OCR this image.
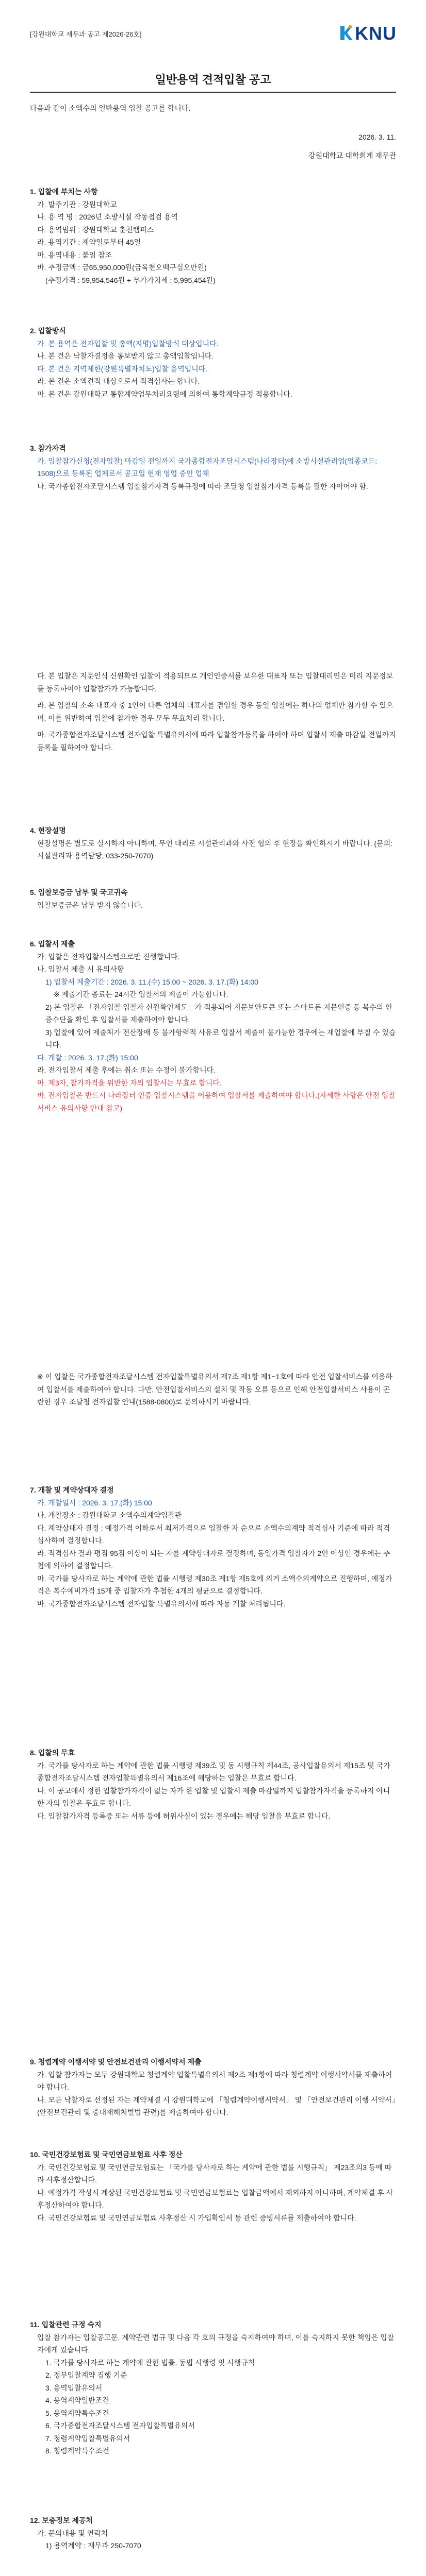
[강원대학교 재무과 공고 제2026-26호]	KNU
일반용역 견적입찰 공고
다음과 같이 소액수의 일반용역 입찰 공고를 합니다.
2026. 3. 11.
강원대학교 대학회계 재무관
1. 입찰에 부치는 사항

가. 발주기관 : 강원대학교

나. 용 역 명 : 2026년 소방시설 작동점검 용역

다. 용역범위 : 강원대학교 춘천캠퍼스

라. 용역기간 : 계약일로부터 45일

마. 용역내용 : 붙임 참조

바. 추정금액 : 금65,950,000원(금육천오백구십오만원)

(추정가격 : 59,954,546원 + 부가가치세 : 5,995,454원)

2. 입찰방식

가. 본 용역은 전자입찰 및 총액(지명)입찰방식 대상입니다.

나. 본 건은 낙찰자결정을 통보받지 않고 총액입찰입니다.

다. 본 건은 지역제한(강원특별자치도)입찰 용역입니다.

라. 본 건은 소액견적 대상으로서 적격심사는 합니다.

마. 본 건은 강원대학교 통합계약업무처리요령에 의하여 통합계약규정 적용합니다.

3. 참가자격

가. 입찰참가신청(전자입찰) 마감일 전일까지 국가종합전자조달시스템(나라장터)에 소방시설관리업(업종코드: 1508)으로 등록된 업체로서 공고일 현재 영업 중인 업체

나. 국가종합전자조달시스템 입찰참가자격 등록규정에 따라 조달청 입찰참가자격 등록을 필한 자이어야 함.

다. 본 입찰은 지문인식 신원확인 입찰이 적용되므로 개인인증서를 보유한 대표자 또는 입찰대리인은 미리 지문정보를 등록하여야 입찰참가가 가능합니다.

라. 본 입찰의 소속 대표자 중 1인이 다른 업체의 대표자를 겸임할 경우 동일 입찰에는 하나의 업체만 참가할 수 있으며, 이를 위반하여 입찰에 참가한 경우 모두 무효처리 합니다.

마. 국가종합전자조달시스템 전자입찰 특별유의서에 따라 입찰참가등록을 하여야 하며 입찰서 제출 마감일 전일까지 등록을 필하여야 합니다.

4. 현장설명

현장설명은 별도로 실시하지 아니하며, 무인 대리로 시설관리과와 사전 협의 후 현장을 확인하시기 바랍니다. (문의: 시설관리과 용역담당, 033-250-7070)

5. 입찰보증금 납부 및 국고귀속

입찰보증금은 납부 받지 않습니다.

6. 입찰서 제출

가. 입찰은 전자입찰시스템으로만 진행합니다.

나. 입찰서 제출 시 유의사항

1) 입찰서 제출기간 : 2026. 3. 11.(수) 15:00 ~ 2026. 3. 17.(화) 14:00

※ 제출기간 종료는 24시간 입찰서의 제출이 가능합니다.

2) 본 입찰은 「전자입찰 입찰자 신원확인제도」가 적용되어 지문보안토큰 또는 스마트폰 지문인증 등 복수의 인증수단을 확인 후 입찰서를 제출하여야 합니다.

3) 입찰에 있어 제출처가 전산장애 등 불가항력적 사유로 입찰서 제출이 불가능한 경우에는 재입찰에 부칠 수 있습니다.

다. 개찰 : 2026. 3. 17.(화) 15:00

라. 전자입찰서 제출 후에는 취소 또는 수정이 불가합니다.

마. 제3자, 참가자격을 위반한 자의 입찰서는 무효로 합니다.

바. 전자입찰은 반드시 나라장터 인증 입찰시스템을 이용하여 입찰서를 제출하여야 합니다.(자세한 사항은 안전 입찰서비스 유의사항 안내 참고)

※ 이 입찰은 국가종합전자조달시스템 전자입찰특별유의서 제7조 제1항 제1~1호에 따라 안전 입찰서비스를 이용하여 입찰서를 제출하여야 합니다. 다만, 안전입찰서비스의 설치 및 작동 오류 등으로 인해 안전입찰서비스 사용이 곤란한 경우 조달청 전자입찰 안내(1588-0800)로 문의하시기 바랍니다.

7. 개찰 및 계약상대자 결정

가. 개찰일시 : 2026. 3. 17.(화) 15:00

나. 개찰장소 : 강원대학교 소액수의계약입찰관

다. 계약상대자 결정 : 예정가격 이하로서 최저가격으로 입찰한 자 순으로 소액수의계약 적격심사 기준에 따라 적격심사하여 결정합니다.

라. 적격심사 결과 평점 95점 이상이 되는 자를 계약상대자로 결정하며, 동일가격 입찰자가 2인 이상인 경우에는 추첨에 의하여 결정합니다.

마. 국가를 당사자로 하는 계약에 관한 법률 시행령 제30조 제1항 제5호에 의거 소액수의계약으로 진행하며, 예정가격은 복수예비가격 15개 중 입찰자가 추첨한 4개의 평균으로 결정합니다.

바. 국가종합전자조달시스템 전자입찰 특별유의서에 따라 자동 개찰 처리됩니다.

8. 입찰의 무효

가. 국가를 당사자로 하는 계약에 관한 법률 시행령 제39조 및 동 시행규칙 제44조, 공사입찰유의서 제15조 및 국가종합전자조달시스템 전자입찰특별유의서 제16조에 해당하는 입찰은 무효로 합니다.

나. 이 공고에서 정한 입찰참가자격이 없는 자가 한 입찰 및 입찰서 제출 마감일까지 입찰참가자격을 등록하지 아니한 자의 입찰은 무효로 합니다.

다. 입찰참가자격 등록증 또는 서류 등에 허위사실이 있는 경우에는 해당 입찰을 무효로 합니다.

9. 청렴계약 이행서약 및 안전보건관리 이행서약서 제출

가. 입찰 참가자는 모두 강원대학교 청렴계약 입찰특별유의서 제2조 제1항에 따라 청렴계약 이행서약서를 제출하여야 합니다.

나. 모든 낙찰자로 선정된 자는 계약체결 시 강원대학교에 「청렴계약이행서약서」 및 「안전보건관리 이행 서약서」(안전보건관리 및 중대재해처벌법 관련)를 제출하여야 합니다.

10. 국민건강보험료 및 국민연금보험료 사후 정산

가. 국민건강보험료 및 국민연금보험료는 「국가를 당사자로 하는 계약에 관한 법률 시행규칙」 제23조의3 등에 따라 사후정산합니다.

나. 예정가격 작성시 계상된 국민건강보험료 및 국민연금보험료는 입찰금액에서 제외하지 아니하며, 계약체결 후 사후정산하여야 합니다.

다. 국민건강보험료 및 국민연금보험료 사후정산 시 가입확인서 등 관련 증빙서류를 제출하여야 합니다.

11. 입찰관련 규정 숙지

입찰 참가자는 입찰공고문, 계약관련 법규 및 다음 각 호의 규정을 숙지하여야 하며, 이를 숙지하지 못한 책임은 입찰자에게 있습니다.

1. 국가를 당사자로 하는 계약에 관한 법률, 동법 시행령 및 시행규칙

2. 정부입찰계약 집행 기준

3. 용역입찰유의서

4. 용역계약일반조건

5. 용역계약특수조건

6. 국가종합전자조달시스템 전자입찰특별유의서

7. 청렴계약입찰특별유의서

8. 청렴계약특수조건

12. 보충정보 제공처

가. 문의내용 및 연락처

1) 용역계약 : 재무과 250-7070
